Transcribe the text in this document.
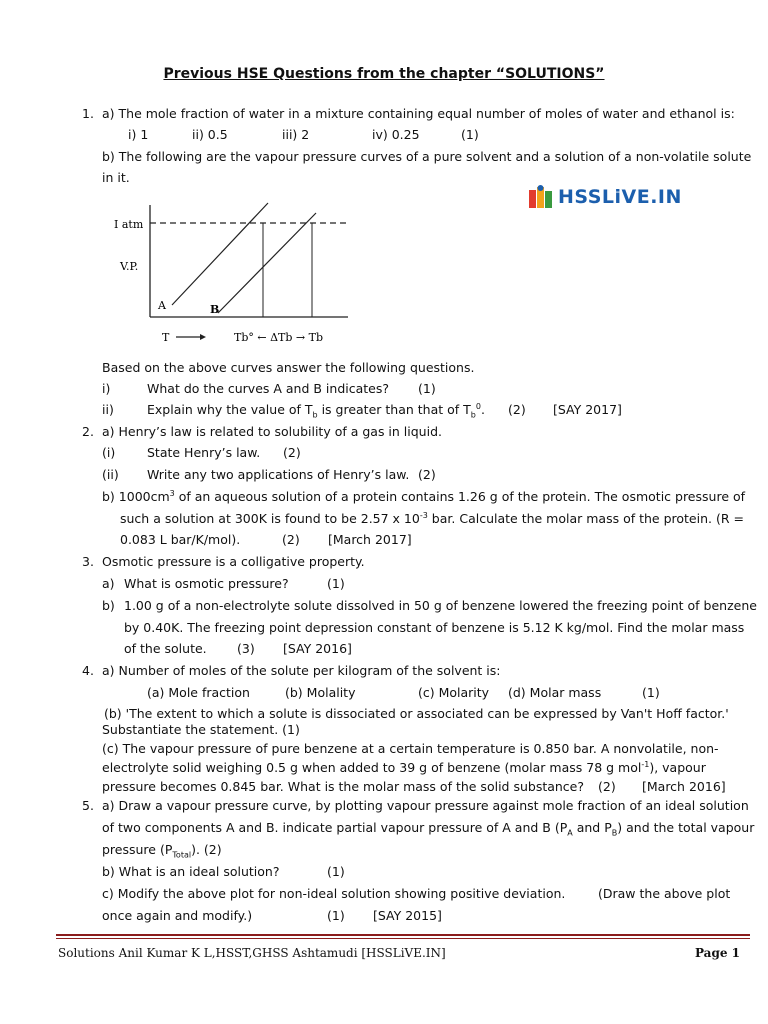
Previous HSE Questions from the chapter “SOLUTIONS”
1. a) The mole fraction of water in a mixture containing equal number of moles of water and ethanol is:
i) 1	ii) 0.5	iii) 2	iv) 0.25	(1)
b) The following are the vapour pressure curves of a pure solvent and a solution of a non-volatile solute
in it.
HSSLiVE.IN
I atm
V.P.
A	B
T	Tb° ← ΔTb → Tb
Based on the above curves answer the following questions.
i)	What do the curves A and B indicates? (1)
ii)	Explain why the value of $T_b$ is greater than that of $T_b^0$. (2) [SAY 2017]
2. a) Henry’s law is related to solubility of a gas in liquid.
(i)	State Henry’s law. (2)
(ii) Write any two applications of Henry’s law. (2)
b) $1000cm^3$ of an aqueous solution of a protein contains 1.26 g of the protein. The osmotic pressure of
such a solution at 300K is found to be 2.57 x $10^{-3}$ bar. Calculate the molar mass of the protein. (R =
0.083 L bar/K/mol).	(2) [March 2017]
3. Osmotic pressure is a colligative property.
a) What is osmotic pressure?	(1)
b) 1.00 g of a non-electrolyte solute dissolved in 50 g of benzene lowered the freezing point of benzene
by 0.40K. The freezing point depression constant of benzene is 5.12 K kg/mol. Find the molar mass
of the solute. (3) [SAY 2016]
4. a) Number of moles of the solute per kilogram of the solvent is:
(a) Mole fraction	(b) Molality	(c) Molarity (d) Molar mass	(1)
(b) 'The extent to which a solute is dissociated or associated can be expressed by Van't Hoff factor.'
Substantiate the statement. (1)
(c) The vapour pressure of pure benzene at a certain temperature is 0.850 bar. A nonvolatile, non-
electrolyte solid weighing 0.5 g when added to 39 g of benzene (molar mass 78 g mol$^{-1}$), vapour
pressure becomes 0.845 bar. What is the molar mass of the solid substance? (2) [March 2016]
5. a) Draw a vapour pressure curve, by plotting vapour pressure against mole fraction of an ideal solution
of two components A and B. indicate partial vapour pressure of A and B ($P_A$ and $P_B$) and the total vapour
pressure $(P_{Total})$. (2)
b) What is an ideal solution?	(1)
c) Modify the above plot for non-ideal solution showing positive deviation.	(Draw the above plot
once again and modify.)	(1) [SAY 2015]
Solutions Anil Kumar K L,HSST,GHSS Ashtamudi [HSSLiVE.IN]	Page 1
